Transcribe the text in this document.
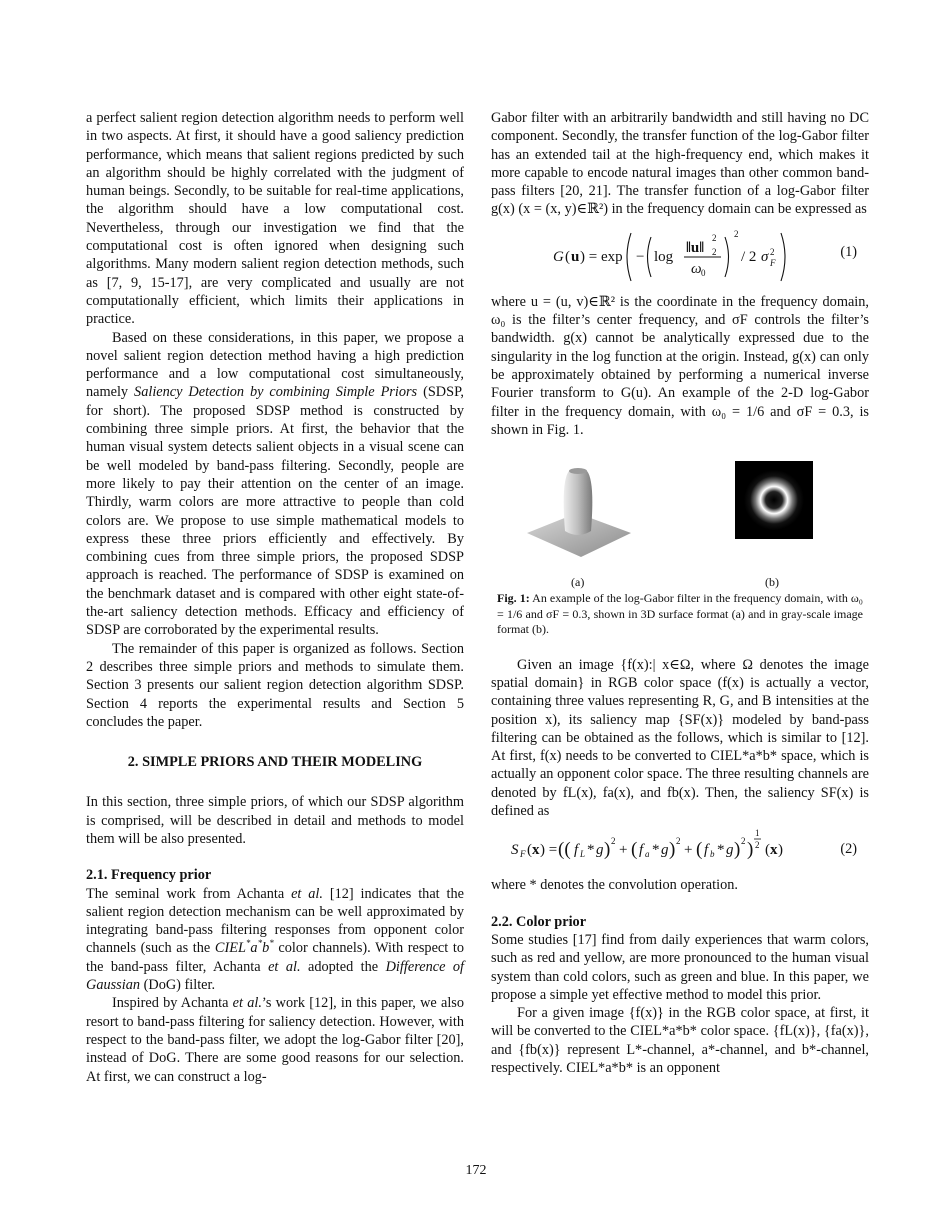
a perfect salient region detection algorithm needs to perform well in two aspects. At first, it should have a good saliency prediction performance, which means that salient regions predicted by such an algorithm should be highly correlated with the judgment of human beings. Secondly, to be suitable for real-time applications, the algorithm should have a low computational cost. Nevertheless, through our investigation we find that the computational cost is often ignored when designing such algorithms. Many modern salient region detection methods, such as [7, 9, 15-17], are very complicated and usually are not computationally efficient, which limits their applications in practice.

Based on these considerations, in this paper, we propose a novel salient region detection method having a high prediction performance and a low computational cost simultaneously, namely Saliency Detection by combining Simple Priors (SDSP, for short). The proposed SDSP method is constructed by combining three simple priors. At first, the behavior that the human visual system detects salient objects in a visual scene can be well modeled by band-pass filtering. Secondly, people are more likely to pay their attention on the center of an image. Thirdly, warm colors are more attractive to people than cold colors are. We propose to use simple mathematical models to express these three priors efficiently and effectively. By combining cues from three simple priors, the proposed SDSP approach is reached. The performance of SDSP is examined on the benchmark dataset and is compared with other eight state-of-the-art saliency detection methods. Efficacy and efficiency of SDSP are corroborated by the experimental results.

The remainder of this paper is organized as follows. Section 2 describes three simple priors and methods to simulate them. Section 3 presents our salient region detection algorithm SDSP. Section 4 reports the experimental results and Section 5 concludes the paper.

2. SIMPLE PRIORS AND THEIR MODELING

In this section, three simple priors, of which our SDSP algorithm is comprised, will be described in detail and methods to model them will be also presented.

2.1. Frequency prior

The seminal work from Achanta et al. [12] indicates that the salient region detection mechanism can be well approximated by integrating band-pass filtering responses from opponent color channels (such as the CIEL*a*b* color channels). With respect to the band-pass filter, Achanta et al. adopted the Difference of Gaussian (DoG) filter.

Inspired by Achanta et al.’s work [12], in this paper, we also resort to band-pass filtering for saliency detection. However, with respect to the band-pass filter, we adopt the log-Gabor filter [20], instead of DoG. There are some good reasons for our selection. At first, we can construct a log-

Gabor filter with an arbitrarily bandwidth and still having no DC component. Secondly, the transfer function of the log-Gabor filter has an extended tail at the high-frequency end, which makes it more capable to encode natural images than other common band-pass filters [20, 21]. The transfer function of a log-Gabor filter g(x) (x = (x, y)∈ℝ²) in the frequency domain can be expressed as

G ( u ) = exp − log
‖u‖ 2
2
ω 0
2
/ 2 σ 2
F
(1)

where u = (u, v)∈ℝ² is the coordinate in the frequency domain, ω₀ is the filter’s center frequency, and σF controls the filter’s bandwidth. g(x) cannot be analytically expressed due to the singularity in the log function at the origin. Instead, g(x) can only be approximately obtained by performing a numerical inverse Fourier transform to G(u). An example of the 2-D log-Gabor filter in the frequency domain, with ω₀ = 1/6 and σF = 0.3, is shown in Fig. 1.

(a)	(b)

Fig. 1: An example of the log-Gabor filter in the frequency domain, with ω₀ = 1/6 and σF = 0.3, shown in 3D surface format (a) and in gray-scale image format (b).

Given an image {f(x):| x∈Ω, where Ω denotes the image spatial domain} in RGB color space (f(x) is actually a vector, containing three values representing R, G, and B intensities at the position x), its saliency map {SF(x)} modeled by band-pass filtering can be obtained as the follows, which is similar to [12]. At first, f(x) needs to be converted to CIEL*a*b* space, which is actually an opponent color space. The three resulting channels are denoted by fL(x), fa(x), and fb(x). Then, the saliency SF(x) is defined as

S F ( x ) = (( f L * g ) 2
+ ( f a * g ) 2
+ ( f b * g ) 2 )
1
2 ( x )	(2)

where * denotes the convolution operation.

2.2. Color prior

Some studies [17] find from daily experiences that warm colors, such as red and yellow, are more pronounced to the human visual system than cold colors, such as green and blue. In this paper, we propose a simple yet effective method to model this prior.

For a given image {f(x)} in the RGB color space, at first, it will be converted to the CIEL*a*b* color space. {fL(x)}, {fa(x)}, and {fb(x)} represent L*-channel, a*-channel, and b*-channel, respectively. CIEL*a*b* is an opponent

172
